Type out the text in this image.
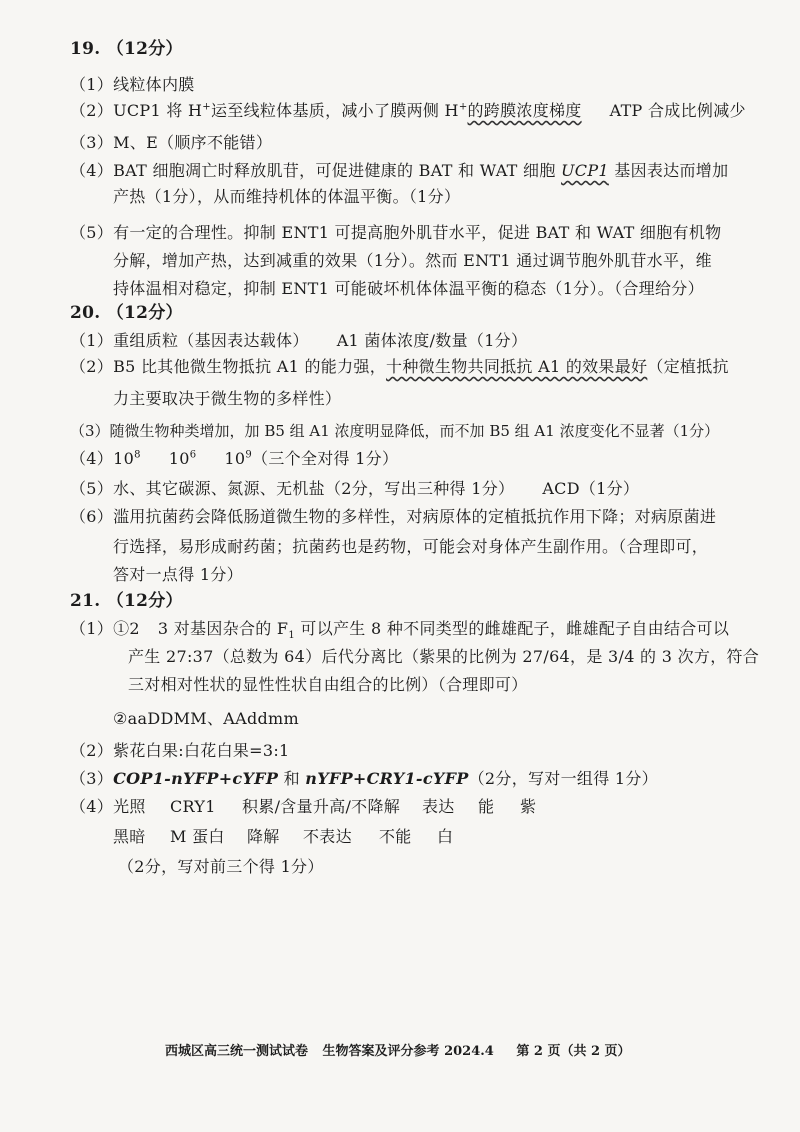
19. （12分）
（1）线粒体内膜
（2）UCP1 将 H+运至线粒体基质，减小了膜两侧 H+的跨膜浓度梯度 ATP 合成比例减少
（3）M、E（顺序不能错）
（4）BAT 细胞凋亡时释放肌苷，可促进健康的 BAT 和 WAT 细胞 UCP1 基因表达而增加
产热（1分），从而维持机体的体温平衡。（1分）
（5）有一定的合理性。抑制 ENT1 可提高胞外肌苷水平，促进 BAT 和 WAT 细胞有机物
分解，增加产热，达到减重的效果（1分）。然而 ENT1 通过调节胞外肌苷水平，维
持体温相对稳定，抑制 ENT1 可能破坏机体体温平衡的稳态（1分）。（合理给分）
20. （12分）
（1）重组质粒（基因表达载体） A1 菌体浓度/数量（1分）
（2）B5 比其他微生物抵抗 A1 的能力强，十种微生物共同抵抗 A1 的效果最好（定植抵抗
力主要取决于微生物的多样性）
（3）随微生物种类增加，加 B5 组 A1 浓度明显降低，而不加 B5 组 A1 浓度变化不显著（1分）
$(4)10^8$ $10^6$ $10^9$（三个全对得 1分）
（5）水、其它碳源、氮源、无机盐（2分，写出三种得 1分） ACD（1分）
（6）滥用抗菌药会降低肠道微生物的多样性，对病原体的定植抵抗作用下降；对病原菌进
行选择，易形成耐药菌；抗菌药也是药物，可能会对身体产生副作用。（合理即可，
答对一点得 1分）
21. （12分）
（1）①2 3 对基因杂合的 $F_1$ 可以产生 8 种不同类型的雌雄配子，雌雄配子自由结合可以
产生 27:37（总数为 64）后代分离比（紫果的比例为 27/64，是 3/4 的 3 次方，符合
三对相对性状的显性性状自由组合的比例）（合理即可）
②aaDDMM、AAddmm
（2）紫花白果:白花白果=3:1
（3）COP1-nYFP+cYFP 和 nYFP+CRY1-cYFP（2分，写对一组得 1分）
（4）光照 CRY1 积累/含量升高/不降解 表达 能 紫
黑暗 M 蛋白 降解 不表达 不能 白
（2分，写对前三个得 1分）
西城区高三统一测试试卷 生物答案及评分参考 2024.4 第 2 页（共 2 页）
